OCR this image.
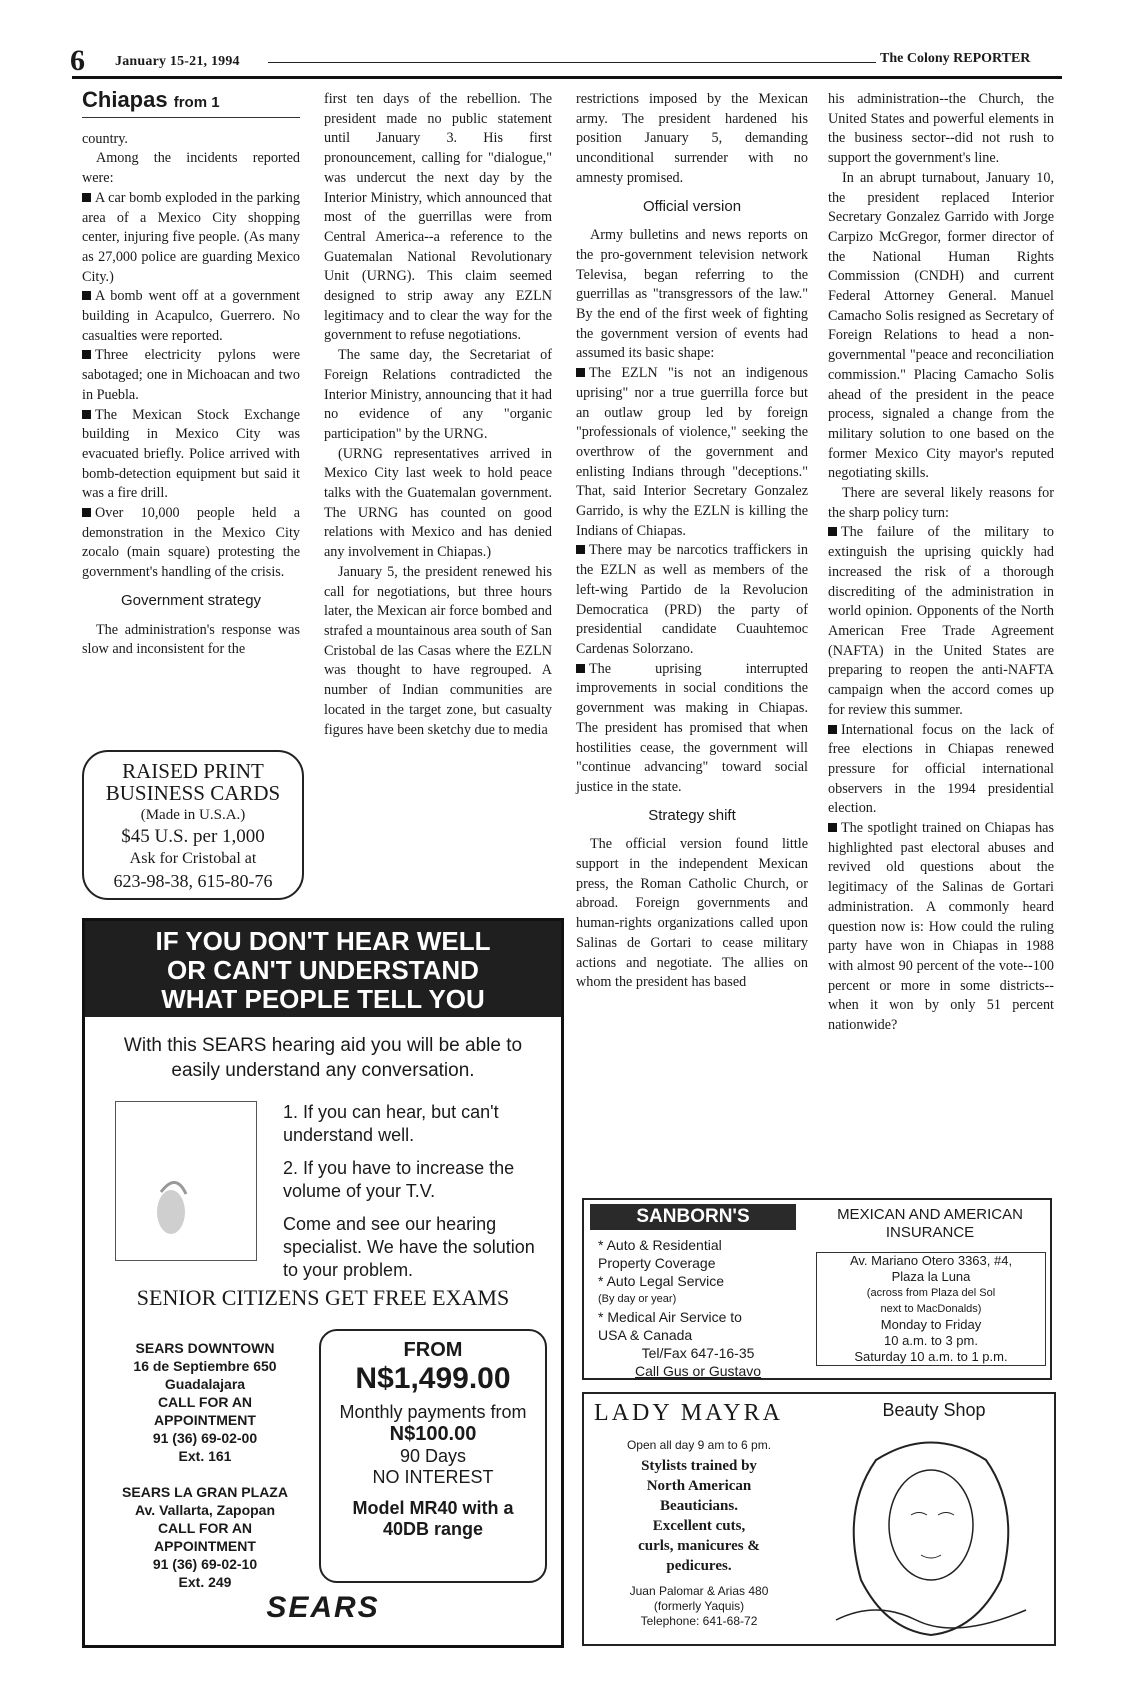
6 January 15-21, 1994	The Colony REPORTER
Chiapas from 1

country.

Among the incidents reported were:

A car bomb exploded in the parking area of a Mexico City shopping center, injuring five people. (As many as 27,000 police are guarding Mexico City.)

A bomb went off at a government building in Acapulco, Guerrero. No casualties were reported.

Three electricity pylons were sabotaged; one in Michoacan and two in Puebla.

The Mexican Stock Exchange building in Mexico City was evacuated briefly. Police arrived with bomb-detection equipment but said it was a fire drill.

Over 10,000 people held a demonstration in the Mexico City zocalo (main square) protesting the government's handling of the crisis.

Government strategy

The administration's response was slow and inconsistent for the

RAISED PRINT
BUSINESS CARDS
(Made in U.S.A.)
$45 U.S. per 1,000
Ask for Cristobal at
623-98-38, 615-80-76

first ten days of the rebellion. The president made no public statement until January 3. His first pronouncement, calling for "dialogue," was undercut the next day by the Interior Ministry, which announced that most of the guerrillas were from Central America--a reference to the Guatemalan National Revolutionary Unit (URNG). This claim seemed designed to strip away any EZLN legitimacy and to clear the way for the government to refuse negotiations.

The same day, the Secretariat of Foreign Relations contradicted the Interior Ministry, announcing that it had no evidence of any "organic participation" by the URNG.

(URNG representatives arrived in Mexico City last week to hold peace talks with the Guatemalan government. The URNG has counted on good relations with Mexico and has denied any involvement in Chiapas.)

January 5, the president renewed his call for negotiations, but three hours later, the Mexican air force bombed and strafed a mountainous area south of San Cristobal de las Casas where the EZLN was thought to have regrouped. A number of Indian communities are located in the target zone, but casualty figures have been sketchy due to media

restrictions imposed by the Mexican army. The president hardened his position January 5, demanding unconditional surrender with no amnesty promised.

Official version

Army bulletins and news reports on the pro-government television network Televisa, began referring to the guerrillas as "transgressors of the law." By the end of the first week of fighting the government version of events had assumed its basic shape:

The EZLN "is not an indigenous uprising" nor a true guerrilla force but an outlaw group led by foreign "professionals of violence," seeking the overthrow of the government and enlisting Indians through "deceptions." That, said Interior Secretary Gonzalez Garrido, is why the EZLN is killing the Indians of Chiapas.

There may be narcotics traffickers in the EZLN as well as members of the left-wing Partido de la Revolucion Democratica (PRD) the party of presidential candidate Cuauhtemoc Cardenas Solorzano.

The uprising interrupted improvements in social conditions the government was making in Chiapas. The president has promised that when hostilities cease, the government will "continue advancing" toward social justice in the state.

Strategy shift

The official version found little support in the independent Mexican press, the Roman Catholic Church, or abroad. Foreign governments and human-rights organizations called upon Salinas de Gortari to cease military actions and negotiate. The allies on whom the president has based

his administration--the Church, the United States and powerful elements in the business sector--did not rush to support the government's line.

In an abrupt turnabout, January 10, the president replaced Interior Secretary Gonzalez Garrido with Jorge Carpizo McGregor, former director of the National Human Rights Commission (CNDH) and current Federal Attorney General. Manuel Camacho Solis resigned as Secretary of Foreign Relations to head a non-governmental "peace and reconciliation commission." Placing Camacho Solis ahead of the president in the peace process, signaled a change from the military solution to one based on the former Mexico City mayor's reputed negotiating skills.

There are several likely reasons for the sharp policy turn:

The failure of the military to extinguish the uprising quickly had increased the risk of a thorough discrediting of the administration in world opinion. Opponents of the North American Free Trade Agreement (NAFTA) in the United States are preparing to reopen the anti-NAFTA campaign when the accord comes up for review this summer.

International focus on the lack of free elections in Chiapas renewed pressure for official international observers in the 1994 presidential election.

The spotlight trained on Chiapas has highlighted past electoral abuses and revived old questions about the legitimacy of the Salinas de Gortari administration. A commonly heard question now is: How could the ruling party have won in Chiapas in 1988 with almost 90 percent of the vote--100 percent or more in some districts--when it won by only 51 percent nationwide?

IF YOU DON'T HEAR WELL
OR CAN'T UNDERSTAND
WHAT PEOPLE TELL YOU
With this SEARS hearing aid you will be able to easily understand any conversation.
1. If you can hear, but can't understand well.
2. If you have to increase the volume of your T.V.
Come and see our hearing specialist. We have the solution to your problem.
SENIOR CITIZENS GET FREE EXAMS
SEARS DOWNTOWN
16 de Septiembre 650
Guadalajara
CALL FOR AN
APPOINTMENT
91 (36) 69-02-00
Ext. 161
SEARS LA GRAN PLAZA
Av. Vallarta, Zapopan
CALL FOR AN
APPOINTMENT
91 (36) 69-02-10
Ext. 249
FROM
N$1,499.00
Monthly payments from
N$100.00
90 Days
NO INTEREST
Model MR40 with a 40DB range
SEARS
SANBORN'S
* Auto & Residential
Property Coverage
* Auto Legal Service
(By day or year)
* Medical Air Service to
USA & Canada
Tel/Fax 647-16-35
Call Gus or Gustavo
MEXICAN AND AMERICAN INSURANCE
Av. Mariano Otero 3363, #4,
Plaza la Luna
(across from Plaza del Sol
next to MacDonalds)
Monday to Friday
10 a.m. to 3 pm.
Saturday 10 a.m. to 1 p.m.
LADY MAYRA	Beauty Shop
Open all day 9 am to 6 pm.
Stylists trained by
North American
Beauticians.
Excellent cuts,
curls, manicures &
pedicures.
Juan Palomar & Arias 480
(formerly Yaquis)
Telephone: 641-68-72
